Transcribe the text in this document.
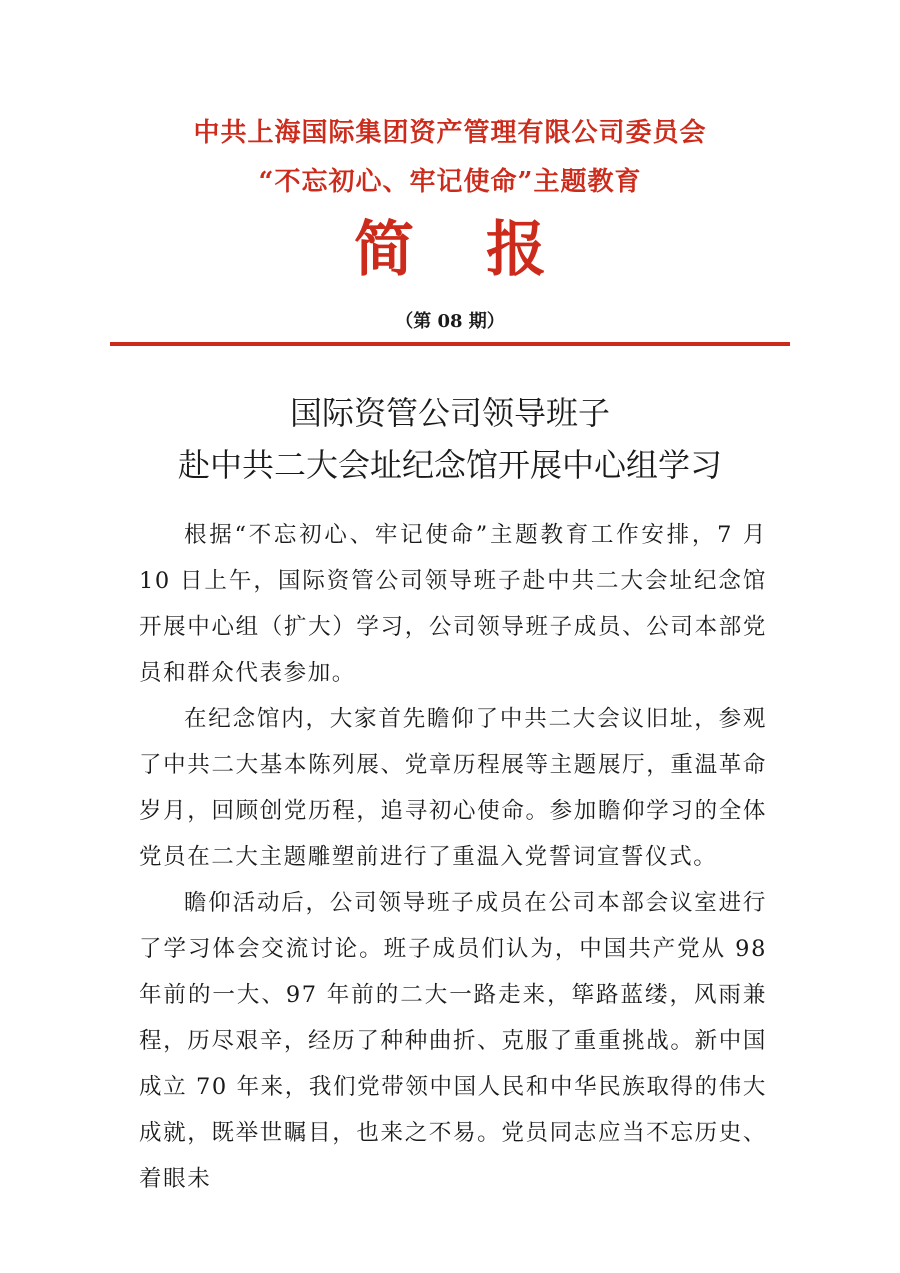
中共上海国际集团资产管理有限公司委员会
“不忘初心、牢记使命”主题教育
简报
（第 08 期）
国际资管公司领导班子
赴中共二大会址纪念馆开展中心组学习

根据“不忘初心、牢记使命”主题教育工作安排，7 月 10 日上午，国际资管公司领导班子赴中共二大会址纪念馆开展中心组（扩大）学习，公司领导班子成员、公司本部党员和群众代表参加。

在纪念馆内，大家首先瞻仰了中共二大会议旧址，参观了中共二大基本陈列展、党章历程展等主题展厅，重温革命岁月，回顾创党历程，追寻初心使命。参加瞻仰学习的全体党员在二大主题雕塑前进行了重温入党誓词宣誓仪式。

瞻仰活动后，公司领导班子成员在公司本部会议室进行了学习体会交流讨论。班子成员们认为，中国共产党从 98 年前的一大、97 年前的二大一路走来，筚路蓝缕，风雨兼程，历尽艰辛，经历了种种曲折、克服了重重挑战。新中国成立 70 年来，我们党带领中国人民和中华民族取得的伟大成就，既举世瞩目，也来之不易。党员同志应当不忘历史、着眼未
